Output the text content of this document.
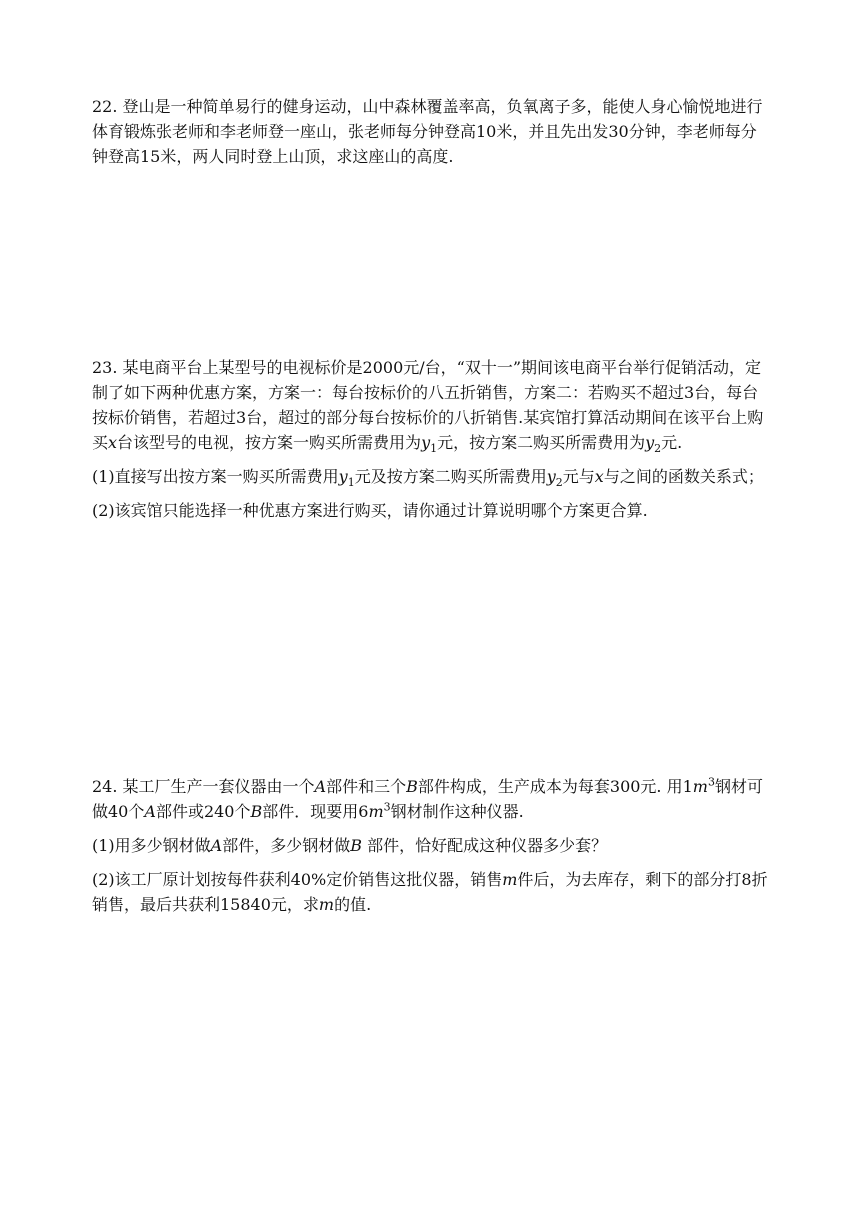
22. 登山是一种简单易行的健身运动，山中森林覆盖率高，负氧离子多，能使人身心愉悦地进行体育锻炼张老师和李老师登一座山，张老师每分钟登高10米，并且先出发30分钟，李老师每分钟登高15米，两人同时登上山顶，求这座山的高度.

23. 某电商平台上某型号的电视标价是2000元/台，“双十一”期间该电商平台举行促销活动，定制了如下两种优惠方案，方案一：每台按标价的八五折销售，方案二：若购买不超过3台，每台按标价销售，若超过3台，超过的部分每台按标价的八折销售.某宾馆打算活动期间在该平台上购买x台该型号的电视，按方案一购买所需费用为$y_1$元，按方案二购买所需费用为$y_2$元.

(1)直接写出按方案一购买所需费用$y_1$元及按方案二购买所需费用$y_2$元与x与之间的函数关系式；

(2)该宾馆只能选择一种优惠方案进行购买，请你通过计算说明哪个方案更合算.

24. 某工厂生产一套仪器由一个A部件和三个B部件构成，生产成本为每套300元. 用$1m^3$钢材可做40个A部件或240个B部件．现要用$6m^3$钢材制作这种仪器.

(1)用多少钢材做A部件，多少钢材做B 部件，恰好配成这种仪器多少套？

(2)该工厂原计划按每件获利40%定价销售这批仪器，销售m件后，为去库存，剩下的部分打8折销售，最后共获利15840元，求m的值.
